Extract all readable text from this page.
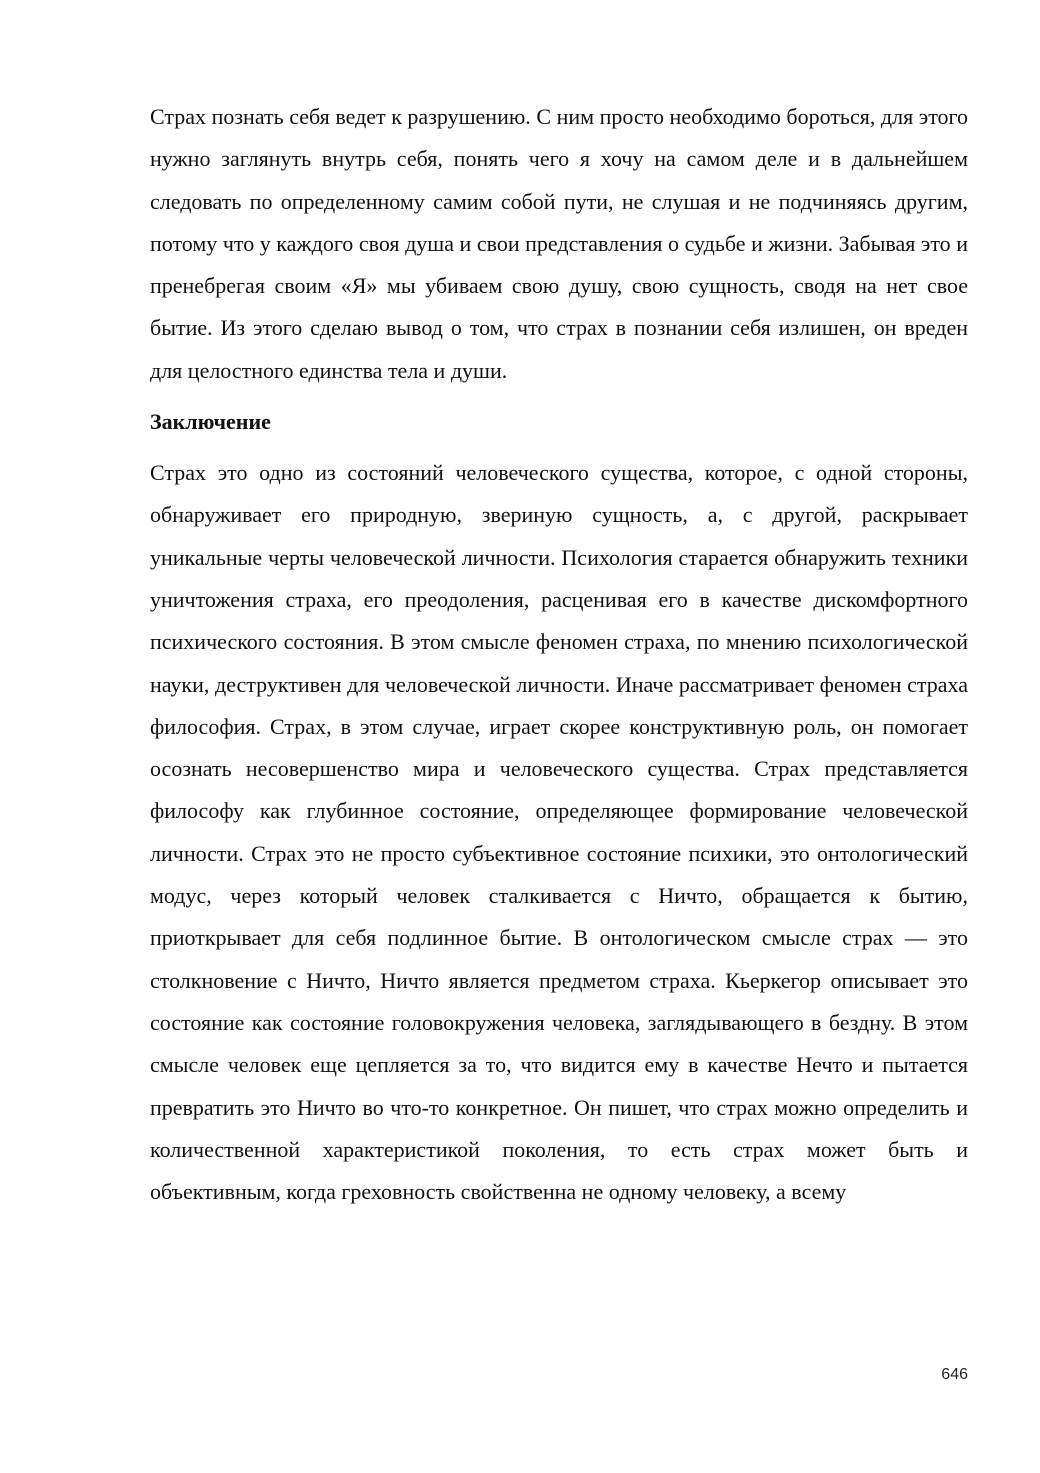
Страх познать себя ведет к разрушению. С ним просто необходимо бороться, для этого нужно заглянуть внутрь себя, понять чего я хочу на самом деле и в дальнейшем следовать по определенному самим собой пути, не слушая и не подчиняясь другим, потому что у каждого своя душа и свои представления о судьбе и жизни. Забывая это и пренебрегая своим «Я» мы убиваем свою душу, свою сущность, сводя на нет свое бытие. Из этого сделаю вывод о том, что страх в познании себя излишен, он вреден для целостного единства тела и души.

Заключение

Страх это одно из состояний человеческого существа, которое, с одной стороны, обнаруживает его природную, звериную сущность, а, с другой, раскрывает уникальные черты человеческой личности. Психология старается обнаружить техники уничтожения страха, его преодоления, расценивая его в качестве дискомфортного психического состояния. В этом смысле феномен страха, по мнению психологической науки, деструктивен для человеческой личности. Иначе рассматривает феномен страха философия. Страх, в этом случае, играет скорее конструктивную роль, он помогает осознать несовершенство мира и человеческого существа. Страх представляется философу как глубинное состояние, определяющее формирование человеческой личности. Страх это не просто субъективное состояние психики, это онтологический модус, через который человек сталкивается с Ничто, обращается к бытию, приоткрывает для себя подлинное бытие. В онтологическом смысле страх — это столкновение с Ничто, Ничто является предметом страха. Кьеркегор описывает это состояние как состояние головокружения человека, заглядывающего в бездну. В этом смысле человек еще цепляется за то, что видится ему в качестве Нечто и пытается превратить это Ничто во что-то конкретное. Он пишет, что страх можно определить и количественной характеристикой поколения, то есть страх может быть и объективным, когда греховность свойственна не одному человеку, а всему

646
